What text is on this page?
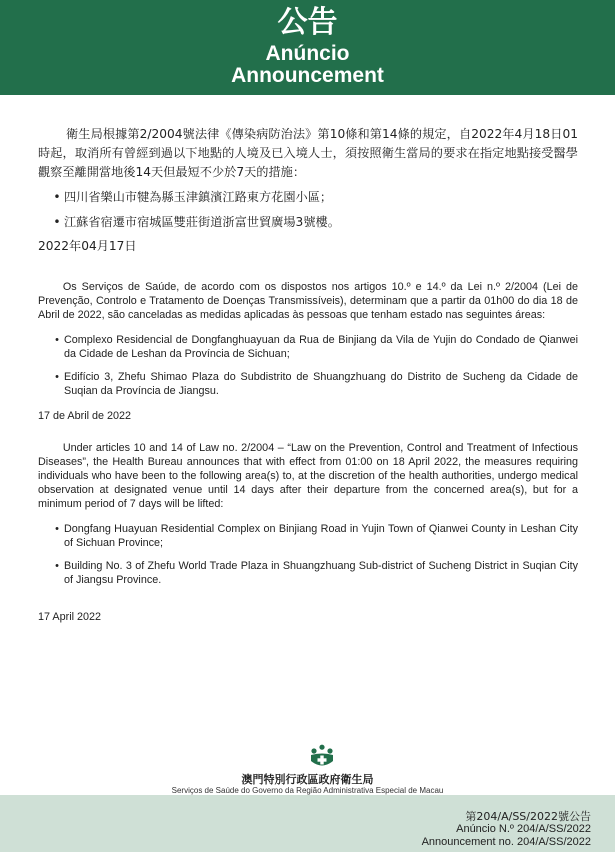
公告
Anúncio
Announcement

衛生局根據第2/2004號法律《傳染病防治法》第10條和第14條的規定，自2022年4月18日01時起，取消所有曾經到過以下地點的人境及已入境人士，須按照衛生當局的要求在指定地點接受醫學觀察至離開當地後14天但最短不少於7天的措施：

• 四川省樂山市犍為縣玉津鎮濱江路東方花園小區；
• 江蘇省宿遷市宿城區雙莊街道浙富世貿廣場3號樓。

2022年04月17日

Os Serviços de Saúde, de acordo com os dispostos nos artigos 10.º e 14.º da Lei n.º 2/2004 (Lei de Prevenção, Controlo e Tratamento de Doenças Transmissíveis), determinam que a partir da 01h00 do dia 18 de Abril de 2022, são canceladas as medidas aplicadas às pessoas que tenham estado nas seguintes áreas:

• Complexo Residencial de Dongfanghuayuan da Rua de Binjiang da Vila de Yujin do Condado de Qianwei da Cidade de Leshan da Província de Sichuan;
• Edifício 3, Zhefu Shimao Plaza do Subdistrito de Shuangzhuang do Distrito de Sucheng da Cidade de Suqian da Província de Jiangsu.

17 de Abril de 2022

Under articles 10 and 14 of Law no. 2/2004 – “Law on the Prevention, Control and Treatment of Infectious Diseases”, the Health Bureau announces that with effect from 01:00 on 18 April 2022, the measures requiring individuals who have been to the following area(s) to, at the discretion of the health authorities, undergo medical observation at designated venue until 14 days after their departure from the concerned area(s), but for a minimum period of 7 days will be lifted:

• Dongfang Huayuan Residential Complex on Binjiang Road in Yujin Town of Qianwei County in Leshan City of Sichuan Province;
• Building No. 3 of Zhefu World Trade Plaza in Shuangzhuang Sub-district of Sucheng District in Suqian City of Jiangsu Province.

17 April 2022

澳門特別行政區政府衛生局
Serviços de Saúde do Governo da Região Administrativa Especial de Macau
第204/A/SS/2022號公告
Anúncio N.º 204/A/SS/2022
Announcement no. 204/A/SS/2022
